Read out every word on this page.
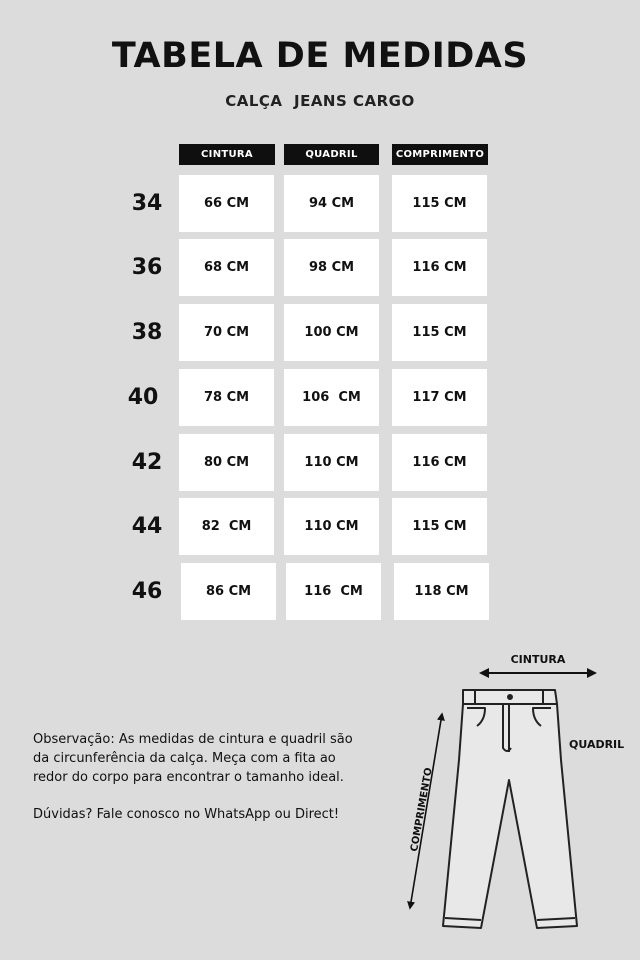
TABELA DE MEDIDAS
CALÇA  JEANS CARGO
CINTURA	QUADRIL	COMPRIMENTO
34	66 CM	94 CM	115 CM
36	68 CM	98 CM	116 CM
38	70 CM	100 CM	115 CM
40	78 CM	106  CM	117 CM
42	80 CM	110 CM	116 CM
44	82  CM	110 CM	115 CM
46	86 CM	116  CM	118 CM

Observação: As medidas de cintura e quadril são da circunferência da calça. Meça com a fita ao redor do corpo para encontrar o tamanho ideal.

Dúvidas? Fale conosco no WhatsApp ou Direct!

CINTURA
QUADRIL
COMPRIMENTO
